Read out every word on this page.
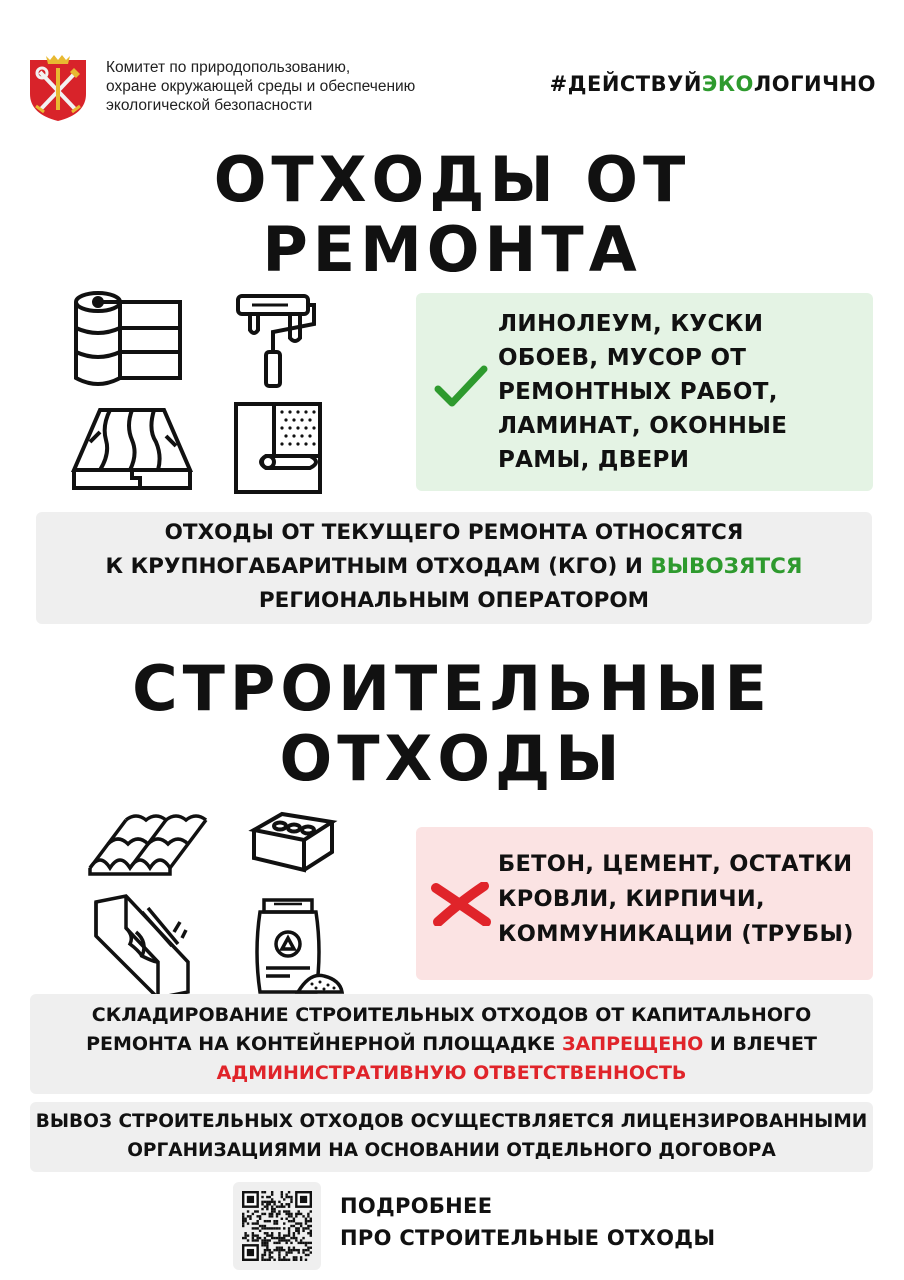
Комитет по природопользованию,
охране окружающей среды и обеспечению
экологической безопасности
#ДЕЙСТВУЙЭКОЛОГИЧНО
ОТХОДЫ ОТ
РЕМОНТА
ЛИНОЛЕУМ, КУСКИ
ОБОЕВ, МУСОР ОТ
РЕМОНТНЫХ РАБОТ,
ЛАМИНАТ, ОКОННЫЕ
РАМЫ, ДВЕРИ
ОТХОДЫ ОТ ТЕКУЩЕГО РЕМОНТА ОТНОСЯТСЯ
К КРУПНОГАБАРИТНЫМ ОТХОДАМ (КГО) И ВЫВОЗЯТСЯ
РЕГИОНАЛЬНЫМ ОПЕРАТОРОМ
СТРОИТЕЛЬНЫЕ
ОТХОДЫ
БЕТОН, ЦЕМЕНТ, ОСТАТКИ
КРОВЛИ, КИРПИЧИ,
КОММУНИКАЦИИ (ТРУБЫ)
СКЛАДИРОВАНИЕ СТРОИТЕЛЬНЫХ ОТХОДОВ ОТ КАПИТАЛЬНОГО
РЕМОНТА НА КОНТЕЙНЕРНОЙ ПЛОЩАДКЕ ЗАПРЕЩЕНО И ВЛЕЧЕТ
АДМИНИСТРАТИВНУЮ ОТВЕТСТВЕННОСТЬ
ВЫВОЗ СТРОИТЕЛЬНЫХ ОТХОДОВ ОСУЩЕСТВЛЯЕТСЯ ЛИЦЕНЗИРОВАННЫМИ
ОРГАНИЗАЦИЯМИ НА ОСНОВАНИИ ОТДЕЛЬНОГО ДОГОВОРА
ПОДРОБНЕЕ
ПРО СТРОИТЕЛЬНЫЕ ОТХОДЫ
